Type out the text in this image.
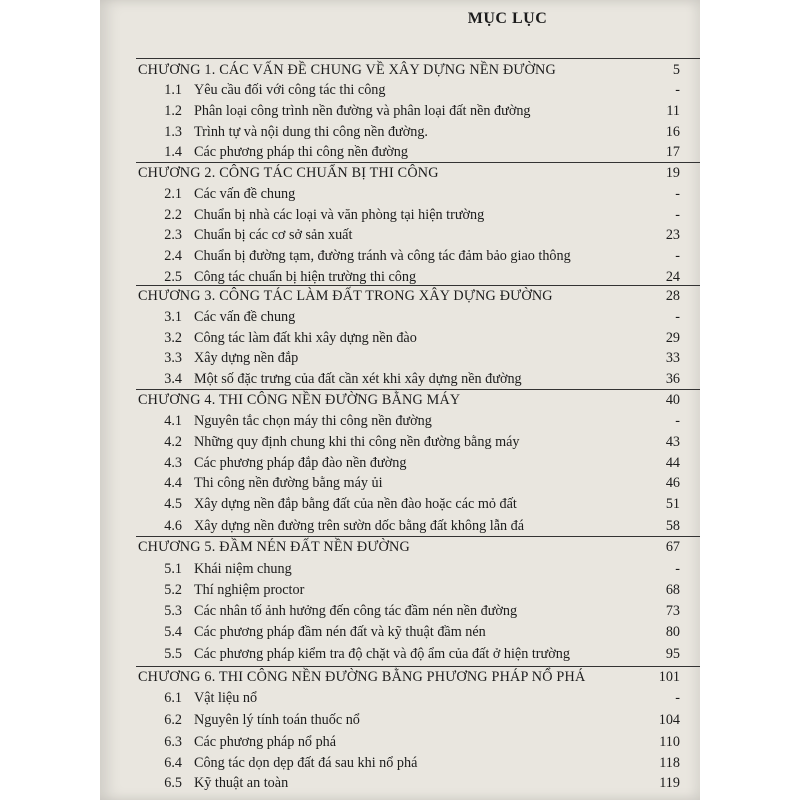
MỤC LỤC
CHƯƠNG 1. CÁC VẤN ĐỀ CHUNG VỀ XÂY DỰNG NỀN ĐƯỜNG	5
1.1 Yêu cầu đối với công tác thi công	-
1.2 Phân loại công trình nền đường và phân loại đất nền đường	11
1.3 Trình tự và nội dung thi công nền đường.	16
1.4 Các phương pháp thi công nền đường	17
CHƯƠNG 2. CÔNG TÁC CHUẨN BỊ THI CÔNG	19
2.1 Các vấn đề chung	-
2.2 Chuẩn bị nhà các loại và văn phòng tại hiện trường	-
2.3 Chuẩn bị các cơ sở sản xuất	23
2.4 Chuẩn bị đường tạm, đường tránh và công tác đảm bảo giao thông	-
2.5 Công tác chuẩn bị hiện trường thi công	24
CHƯƠNG 3. CÔNG TÁC LÀM ĐẤT TRONG XÂY DỰNG ĐƯỜNG	28
3.1 Các vấn đề chung	-
3.2 Công tác làm đất khi xây dựng nền đào	29
3.3 Xây dựng nền đắp	33
3.4 Một số đặc trưng của đất cần xét khi xây dựng nền đường	36
CHƯƠNG 4. THI CÔNG NỀN ĐƯỜNG BẰNG MÁY	40
4.1 Nguyên tắc chọn máy thi công nền đường	-
4.2 Những quy định chung khi thi công nền đường bằng máy	43
4.3 Các phương pháp đắp đào nền đường	44
4.4 Thi công nền đường bằng máy ủi	46
4.5 Xây dựng nền đắp bằng đất của nền đào hoặc các mỏ đất	51
4.6 Xây dựng nền đường trên sườn dốc bằng đất không lẫn đá	58
CHƯƠNG 5. ĐẦM NÉN ĐẤT NỀN ĐƯỜNG	67
5.1 Khái niệm chung	-
5.2 Thí nghiệm proctor	68
5.3 Các nhân tố ảnh hưởng đến công tác đầm nén nền đường	73
5.4 Các phương pháp đầm nén đất và kỹ thuật đầm nén	80
5.5 Các phương pháp kiểm tra độ chặt và độ ẩm của đất ở hiện trường	95
CHƯƠNG 6. THI CÔNG NỀN ĐƯỜNG BẰNG PHƯƠNG PHÁP NỔ PHÁ	101
6.1 Vật liệu nổ	-
6.2 Nguyên lý tính toán thuốc nổ	104
6.3 Các phương pháp nổ phá	110
6.4 Công tác dọn dẹp đất đá sau khi nổ phá	118
6.5 Kỹ thuật an toàn	119
